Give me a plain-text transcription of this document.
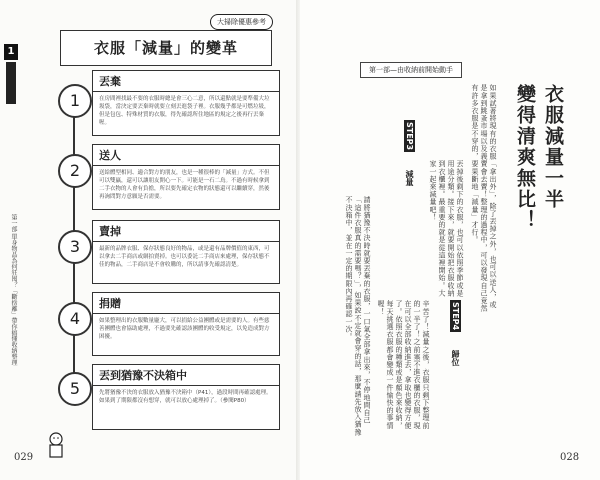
1
第一部 單身物品為何狂囤？「斷捨離」帶你搞懂收納整理
大掃除優惠參考
衣服「減量」的變革
1
丟棄
在房間裡找最不要的衣服時總是會三心二意，所以還點就是要準備大垃圾袋，當決定要丟棄時就要立刻丟進袋子裡。衣服幾乎都是可燃垃圾，但是包包、特殊材質的衣服，得先確認所住地區的規定之後再行丟棄喔。
2
送人
送給體型相同、適合對方的朋友，也是一種很棒的「減量」方式。不但可以雙贏，還可以讓朋友開心一下。可能是一石二鳥。不過有時候拿到二手衣物的人會有負擔，所以要先確定衣物的狀態還可以繼續穿，然後再詢問對方意願是否需要。
3
賣掉
最新的品牌衣服、保存狀態良好的物品，或是還有品牌價值的東西，可以拿去二手商店或網拍賣掉。也可以委託二手商店來處理，保存狀態不佳的物品，二手商店是不會收購的，所以請事先確認清楚。
4
捐贈
如果整理出的衣服數量龐大，可以捐給公益團體或是需要的人。有些慈善團體也會協助處理，不過要先確認該團體的收受規定，以免造成對方困擾。
5
丟到猶豫不決箱中
先將猶豫不決的衣服放入猶豫不決箱中（P41），過段時間再確認處理。如果到了期限都沒有想穿，就可以放心處理掉了。（參閱P80）
029
第一部—由收納前開始動手
衣服減量一半
變得清爽無比！
如果試著將現有的衣服「拿出外」，除了丟掉之外，也可以送人，或是拿到跳蚤市場以及義賣會去賣！整理的過程中，可以發現自己竟然有許多衣服是不穿的，要果斷地「減量」才行。
丟掉後剩下的衣服，也可以依照季節或是用途分類。接下來，就要開始把衣服收納到衣櫃裡。最重要的就是從這裡開始。大家一起來減量吧！
STEP3
減量
請將猶豫不決時就要丟棄的衣服，一口氣全部拿出來，不停地問自己「這件衣服真的需要嗎？」，如果說不定就會穿的話，那麼請先放入猶豫不決箱中，並在一定的期限內再確認一次。	STEP4
歸位
辛苦了！減量之後，衣服只剩下整理前的一半了！之前塞不進衣櫃的衣服，現在可以全部收納進去，拿取也變得方便了。依照衣服的種類或是顏色來收納，每天挑選衣服都會變成一件愉快的事情喔！
028
